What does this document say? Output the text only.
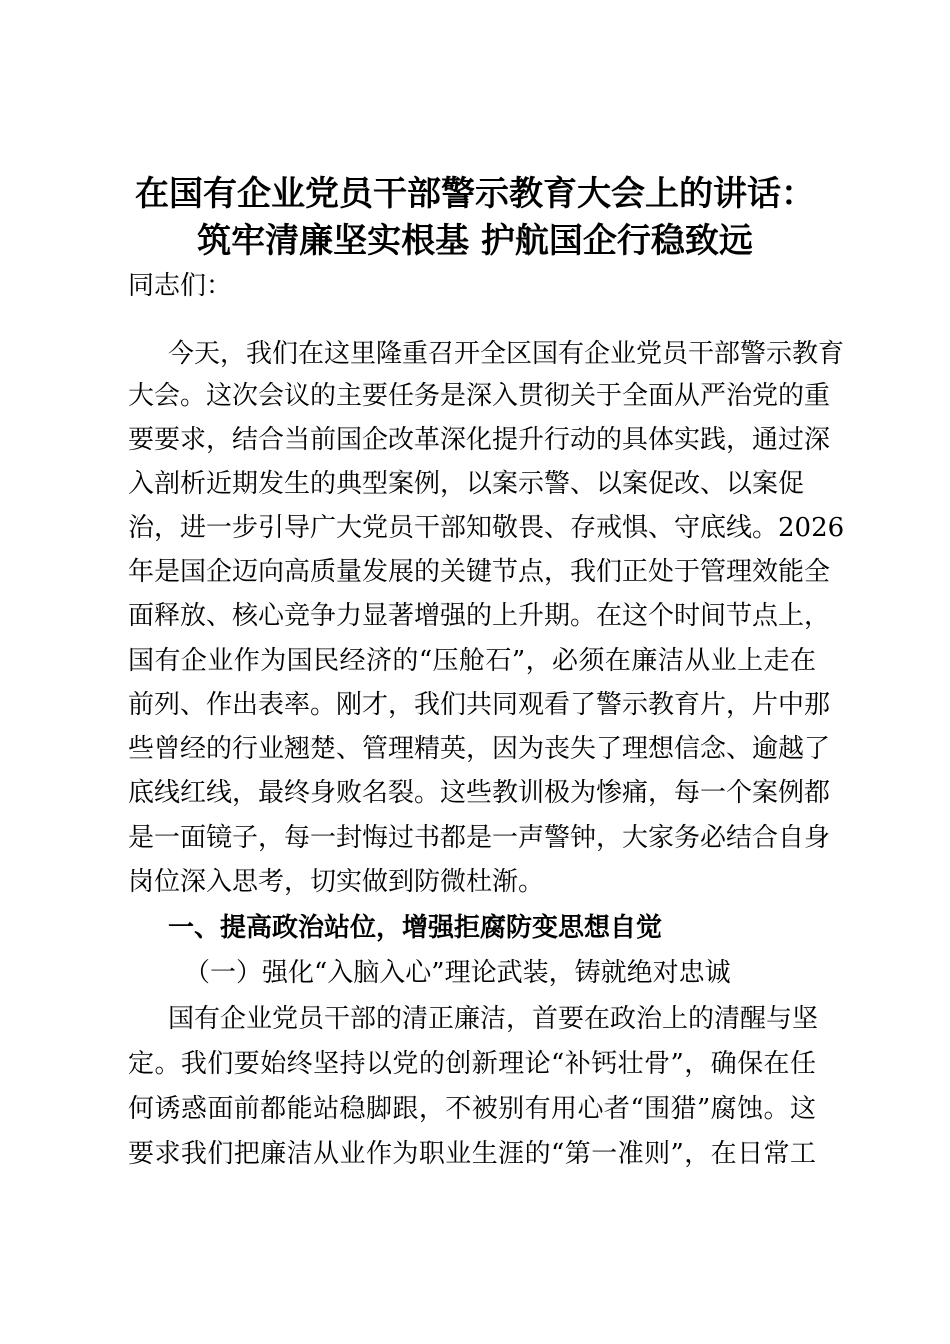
在国有企业党员干部警示教育大会上的讲话：
筑牢清廉坚实根基 护航国企行稳致远
同志们：
今天，我们在这里隆重召开全区国有企业党员干部警示教育
大会。这次会议的主要任务是深入贯彻关于全面从严治党的重
要要求，结合当前国企改革深化提升行动的具体实践，通过深
入剖析近期发生的典型案例，以案示警、以案促改、以案促
治，进一步引导广大党员干部知敬畏、存戒惧、守底线。2026
年是国企迈向高质量发展的关键节点，我们正处于管理效能全
面释放、核心竞争力显著增强的上升期。在这个时间节点上，
国有企业作为国民经济的“压舱石”，必须在廉洁从业上走在
前列、作出表率。刚才，我们共同观看了警示教育片，片中那
些曾经的行业翘楚、管理精英，因为丧失了理想信念、逾越了
底线红线，最终身败名裂。这些教训极为惨痛，每一个案例都
是一面镜子，每一封悔过书都是一声警钟，大家务必结合自身
岗位深入思考，切实做到防微杜渐。
一、提高政治站位，增强拒腐防变思想自觉
（一）强化“入脑入心”理论武装，铸就绝对忠诚
国有企业党员干部的清正廉洁，首要在政治上的清醒与坚
定。我们要始终坚持以党的创新理论“补钙壮骨”，确保在任
何诱惑面前都能站稳脚跟，不被别有用心者“围猎”腐蚀。这
要求我们把廉洁从业作为职业生涯的“第一准则”，在日常工
